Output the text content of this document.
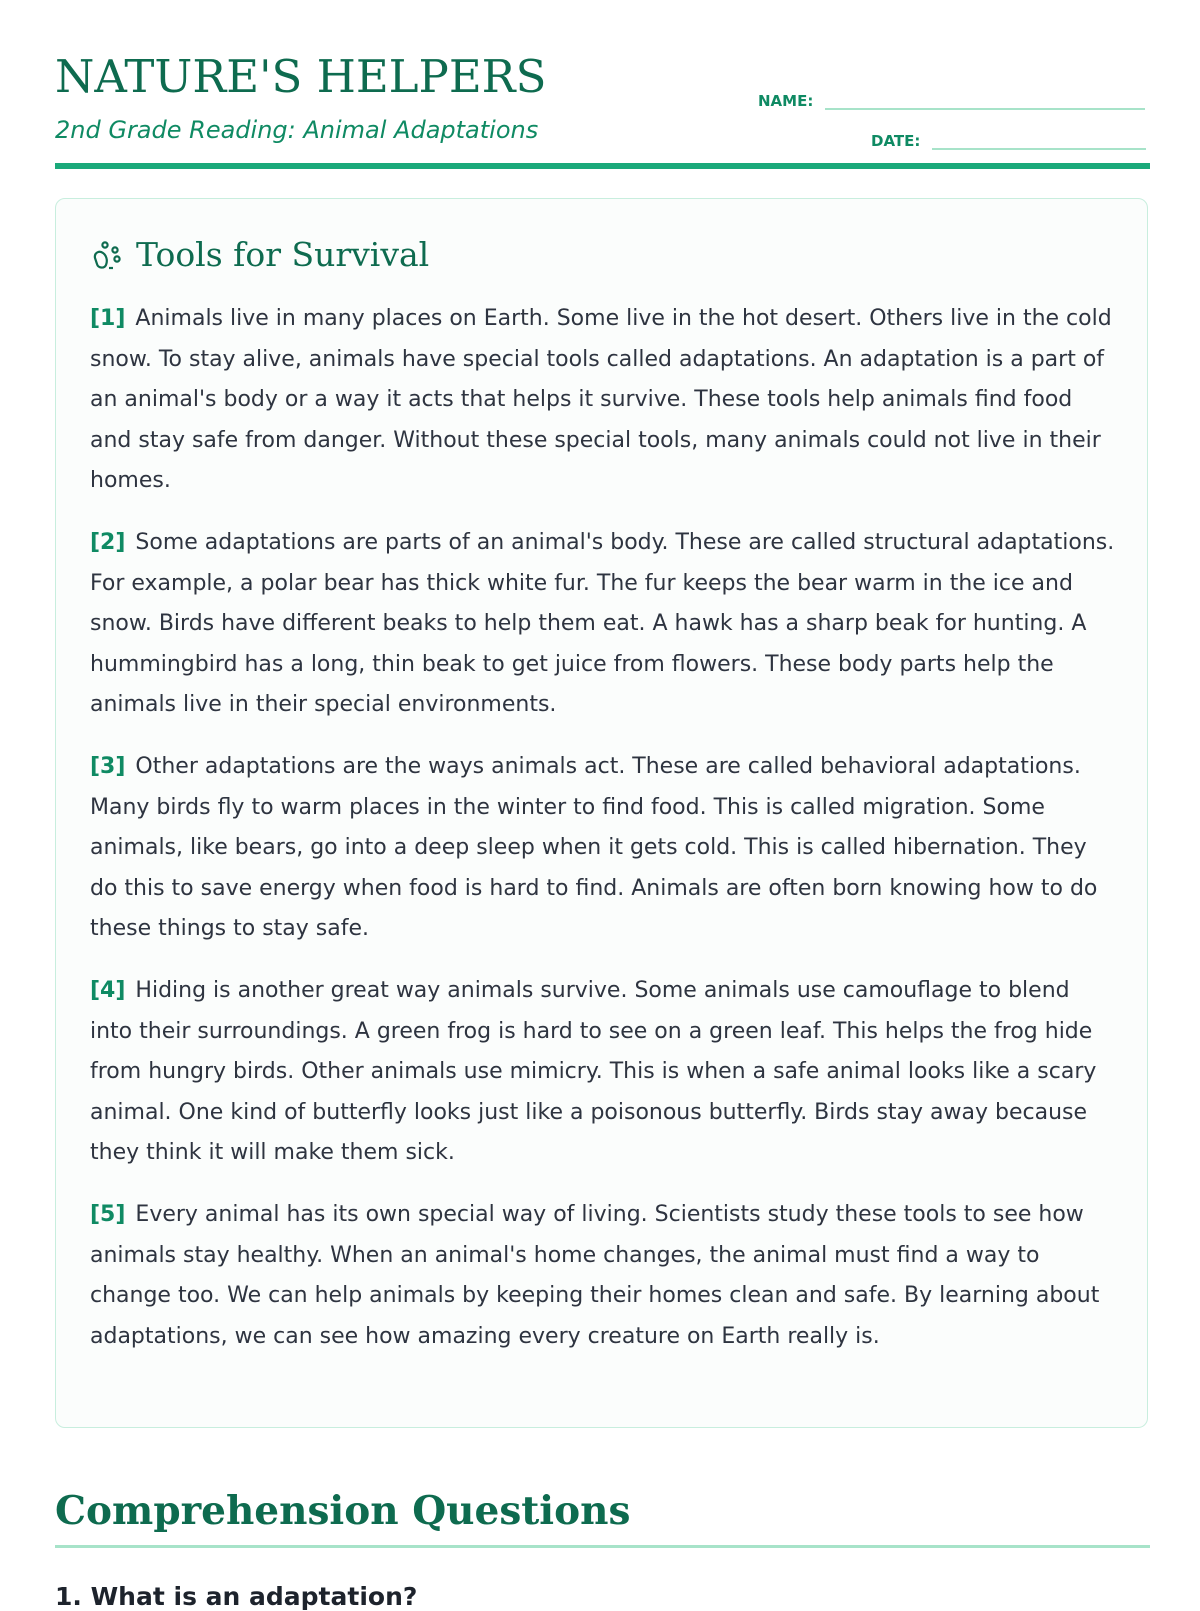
NATURE'S HELPERS
2nd Grade Reading: Animal Adaptations
NAME:
DATE:
Tools for Survival

[1] Animals live in many places on Earth. Some live in the hot desert. Others live in the cold snow. To stay alive, animals have special tools called adaptations. An adaptation is a part of an animal's body or a way it acts that helps it survive. These tools help animals find food and stay safe from danger. Without these special tools, many animals could not live in their homes.

[2] Some adaptations are parts of an animal's body. These are called structural adaptations. For example, a polar bear has thick white fur. The fur keeps the bear warm in the ice and snow. Birds have different beaks to help them eat. A hawk has a sharp beak for hunting. A hummingbird has a long, thin beak to get juice from flowers. These body parts help the animals live in their special environments.

[3] Other adaptations are the ways animals act. These are called behavioral adaptations. Many birds fly to warm places in the winter to find food. This is called migration. Some animals, like bears, go into a deep sleep when it gets cold. This is called hibernation. They do this to save energy when food is hard to find. Animals are often born knowing how to do these things to stay safe.

[4] Hiding is another great way animals survive. Some animals use camouflage to blend into their surroundings. A green frog is hard to see on a green leaf. This helps the frog hide from hungry birds. Other animals use mimicry. This is when a safe animal looks like a scary animal. One kind of butterfly looks just like a poisonous butterfly. Birds stay away because they think it will make them sick.

[5] Every animal has its own special way of living. Scientists study these tools to see how animals stay healthy. When an animal's home changes, the animal must find a way to change too. We can help animals by keeping their homes clean and safe. By learning about adaptations, we can see how amazing every creature on Earth really is.

Comprehension Questions
1. What is an adaptation?
